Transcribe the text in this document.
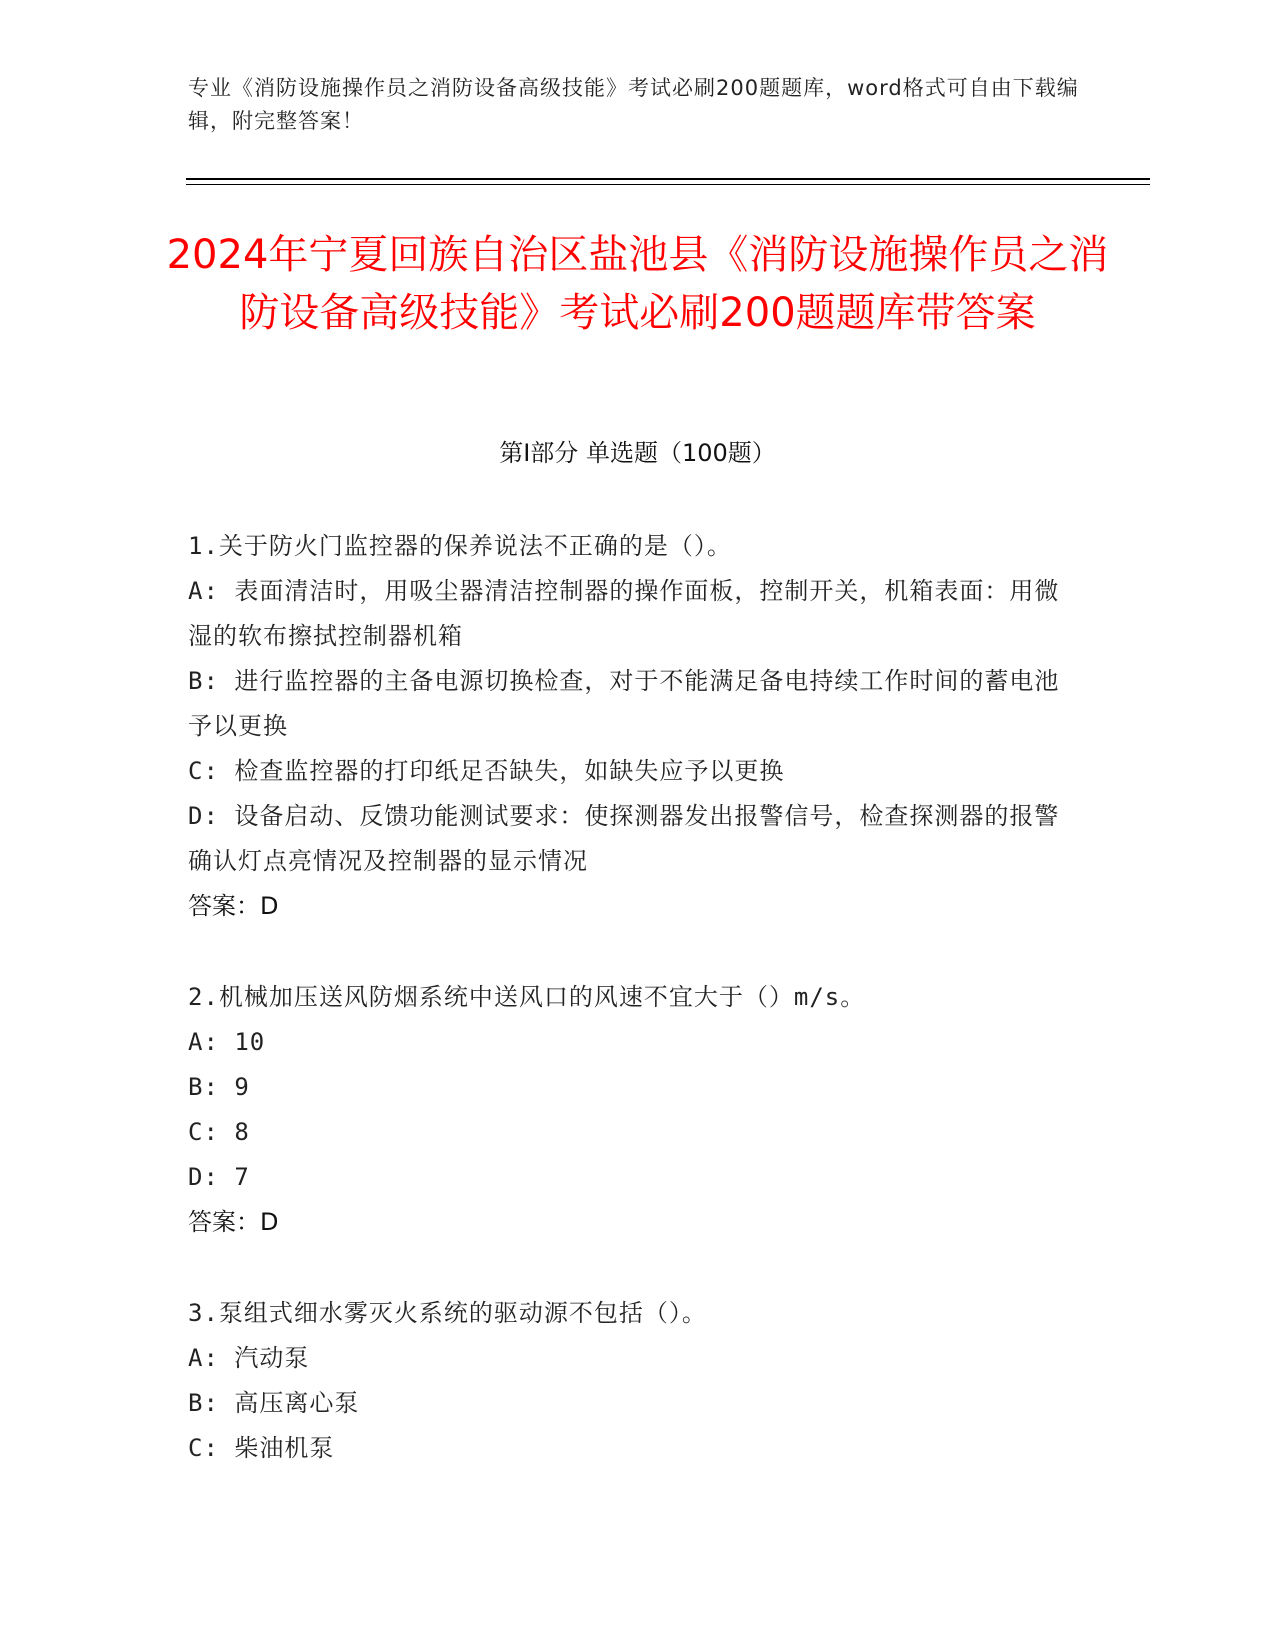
专业《消防设施操作员之消防设备高级技能》考试必刷200题题库，word格式可自由下载编辑，附完整答案！
2024年宁夏回族自治区盐池县《消防设施操作员之消防设备高级技能》考试必刷200题题库带答案
第I部分 单选题（100题）
1.关于防火门监控器的保养说法不正确的是（）。
A: 表面清洁时，用吸尘器清洁控制器的操作面板，控制开关，机箱表面：用微湿的软布擦拭控制器机箱
B: 进行监控器的主备电源切换检查，对于不能满足备电持续工作时间的蓄电池予以更换
C: 检查监控器的打印纸足否缺失，如缺失应予以更换
D: 设备启动、反馈功能测试要求：使探测器发出报警信号，检查探测器的报警确认灯点亮情况及控制器的显示情况
答案：D
2.机械加压送风防烟系统中送风口的风速不宜大于（）m/s。
A: 10
B: 9
C: 8
D: 7
答案：D
3.泵组式细水雾灭火系统的驱动源不包括（）。
A: 汽动泵
B: 高压离心泵
C: 柴油机泵
